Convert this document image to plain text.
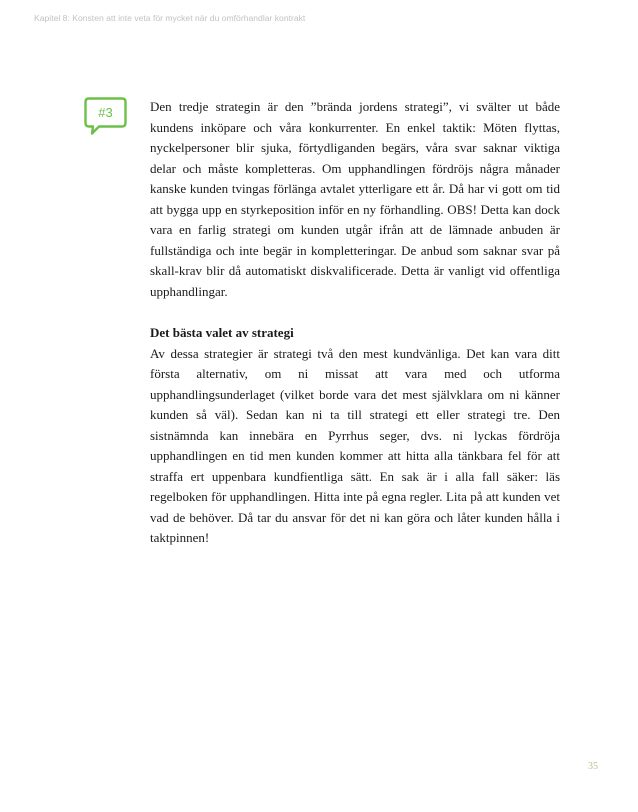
Kapitel 8: Konsten att inte veta för mycket när du omförhandlar kontrakt
#3	Den tredje strategin är den ”brända jordens strategi”, vi svälter ut både kundens inköpare och våra konkurrenter. En enkel taktik: Möten flyttas, nyckelpersoner blir sjuka, förtydliganden begärs, våra svar saknar viktiga delar och måste kompletteras. Om upphandlingen fördröjs några månader kanske kunden tvingas förlänga avtalet ytterligare ett år. Då har vi gott om tid att bygga upp en styrkeposition inför en ny förhandling. OBS! Detta kan dock vara en farlig strategi om kunden utgår ifrån att de lämnade anbuden är fullständiga och inte begär in kompletteringar. De anbud som saknar svar på skall-krav blir då automatiskt diskvalificerade. Detta är vanligt vid offentliga upphandlingar.

Det bästa valet av strategi

Av dessa strategier är strategi två den mest kundvänliga. Det kan vara ditt första alternativ, om ni missat att vara med och utforma upphandlingsunderlaget (vilket borde vara det mest självklara om ni känner kunden så väl). Sedan kan ni ta till strategi ett eller strategi tre. Den sistnämnda kan innebära en Pyrrhus seger, dvs. ni lyckas fördröja upphandlingen en tid men kunden kommer att hitta alla tänkbara fel för att straffa ert uppenbara kundfientliga sätt. En sak är i alla fall säker: läs regelboken för upphandlingen. Hitta inte på egna regler. Lita på att kunden vet vad de behöver. Då tar du ansvar för det ni kan göra och låter kunden hålla i taktpinnen!

35
